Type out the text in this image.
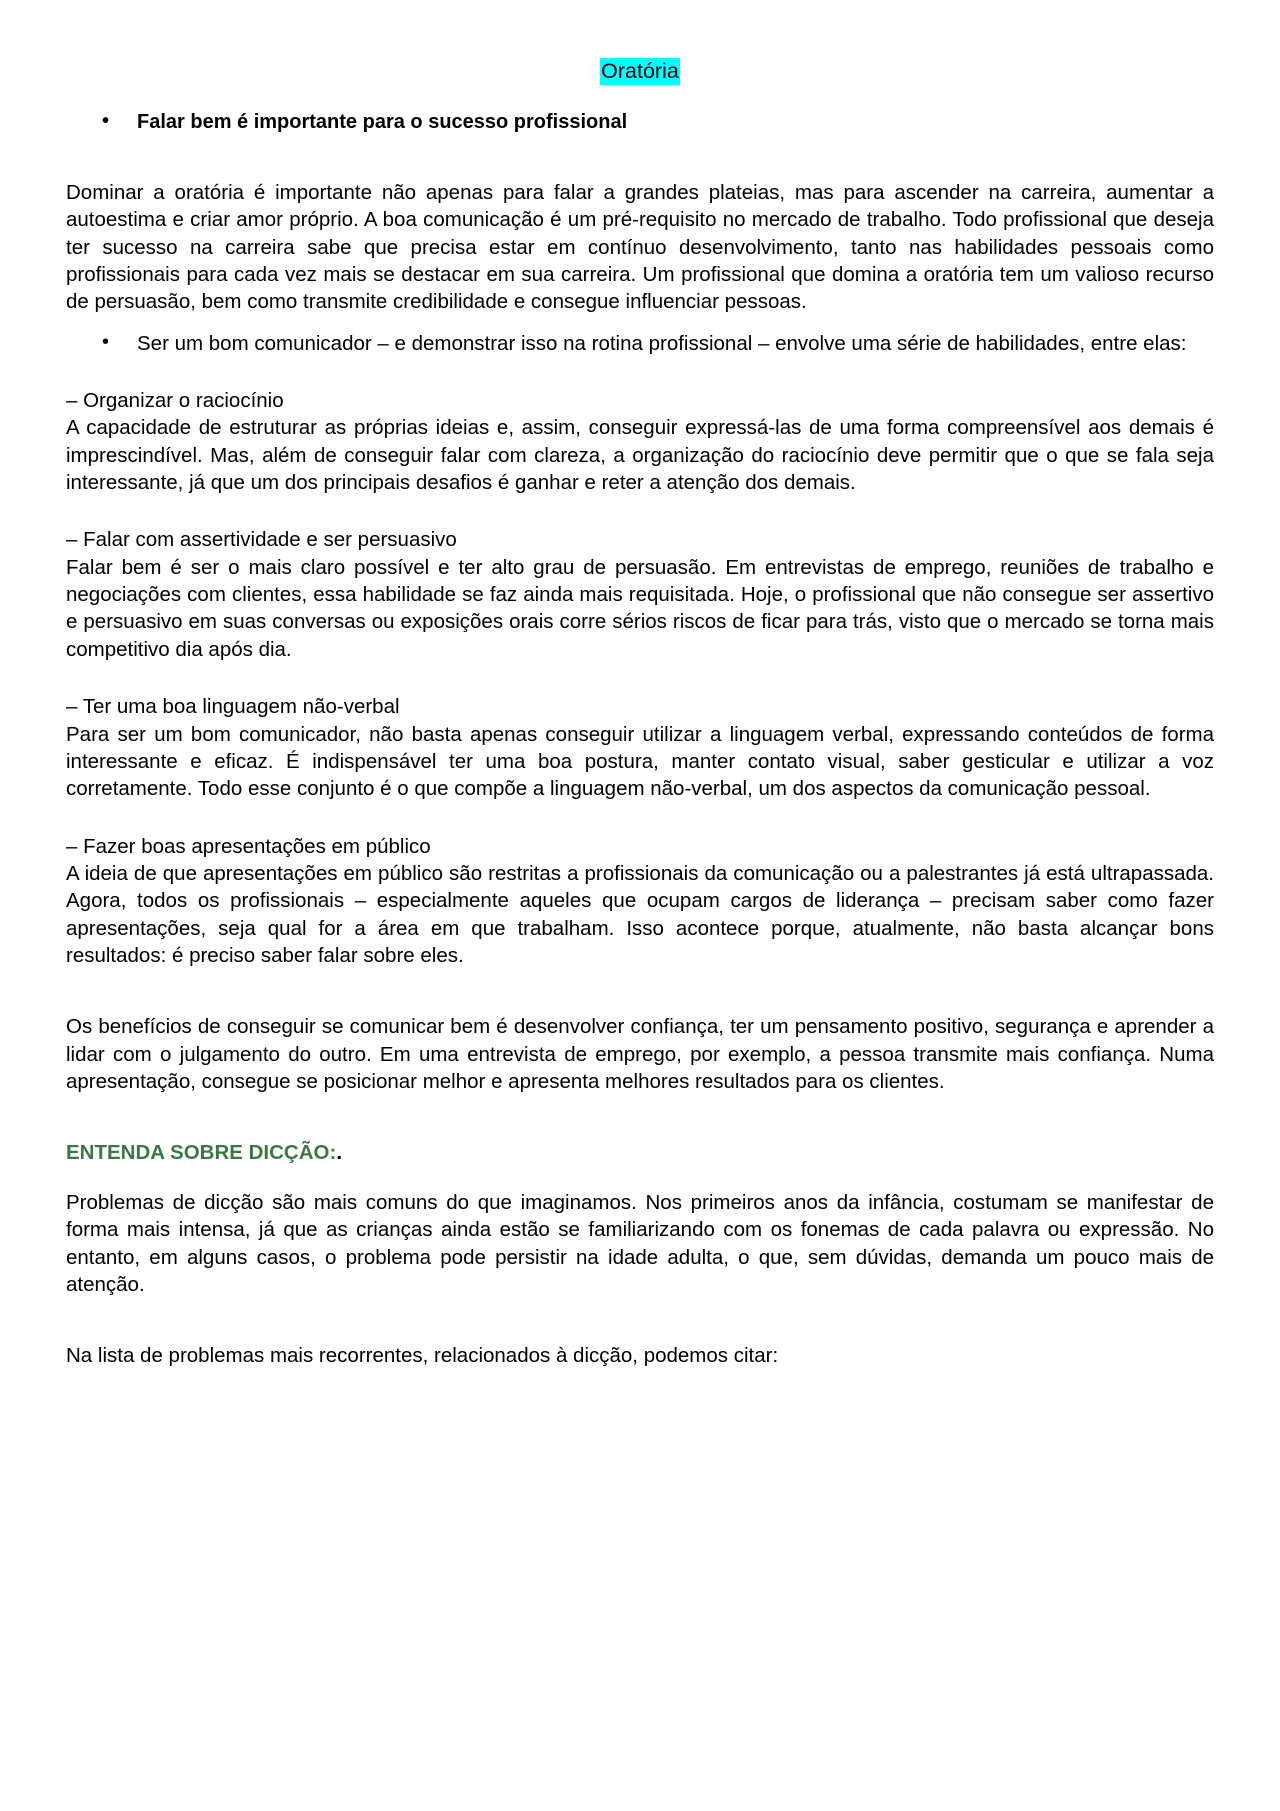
Oratória
• Falar bem é importante para o sucesso profissional

Dominar a oratória é importante não apenas para falar a grandes plateias, mas para ascender na carreira, aumentar a autoestima e criar amor próprio. A boa comunicação é um pré-requisito no mercado de trabalho. Todo profissional que deseja ter sucesso na carreira sabe que precisa estar em contínuo desenvolvimento, tanto nas habilidades pessoais como profissionais para cada vez mais se destacar em sua carreira. Um profissional que domina a oratória tem um valioso recurso de persuasão, bem como transmite credibilidade e consegue influenciar pessoas.

• Ser um bom comunicador – e demonstrar isso na rotina profissional – envolve uma série de habilidades, entre elas:

– Organizar o raciocínio

A capacidade de estruturar as próprias ideias e, assim, conseguir expressá-las de uma forma compreensível aos demais é imprescindível. Mas, além de conseguir falar com clareza, a organização do raciocínio deve permitir que o que se fala seja interessante, já que um dos principais desafios é ganhar e reter a atenção dos demais.

– Falar com assertividade e ser persuasivo

Falar bem é ser o mais claro possível e ter alto grau de persuasão. Em entrevistas de emprego, reuniões de trabalho e negociações com clientes, essa habilidade se faz ainda mais requisitada. Hoje, o profissional que não consegue ser assertivo e persuasivo em suas conversas ou exposições orais corre sérios riscos de ficar para trás, visto que o mercado se torna mais competitivo dia após dia.

– Ter uma boa linguagem não-verbal

Para ser um bom comunicador, não basta apenas conseguir utilizar a linguagem verbal, expressando conteúdos de forma interessante e eficaz. É indispensável ter uma boa postura, manter contato visual, saber gesticular e utilizar a voz corretamente. Todo esse conjunto é o que compõe a linguagem não-verbal, um dos aspectos da comunicação pessoal.

– Fazer boas apresentações em público

A ideia de que apresentações em público são restritas a profissionais da comunicação ou a palestrantes já está ultrapassada. Agora, todos os profissionais – especialmente aqueles que ocupam cargos de liderança – precisam saber como fazer apresentações, seja qual for a área em que trabalham. Isso acontece porque, atualmente, não basta alcançar bons resultados: é preciso saber falar sobre eles.

Os benefícios de conseguir se comunicar bem é desenvolver confiança, ter um pensamento positivo, segurança e aprender a lidar com o julgamento do outro. Em uma entrevista de emprego, por exemplo, a pessoa transmite mais confiança. Numa apresentação, consegue se posicionar melhor e apresenta melhores resultados para os clientes.

ENTENDA SOBRE DICÇÃO:.

Problemas de dicção são mais comuns do que imaginamos. Nos primeiros anos da infância, costumam se manifestar de forma mais intensa, já que as crianças ainda estão se familiarizando com os fonemas de cada palavra ou expressão. No entanto, em alguns casos, o problema pode persistir na idade adulta, o que, sem dúvidas, demanda um pouco mais de atenção.

Na lista de problemas mais recorrentes, relacionados à dicção, podemos citar:
